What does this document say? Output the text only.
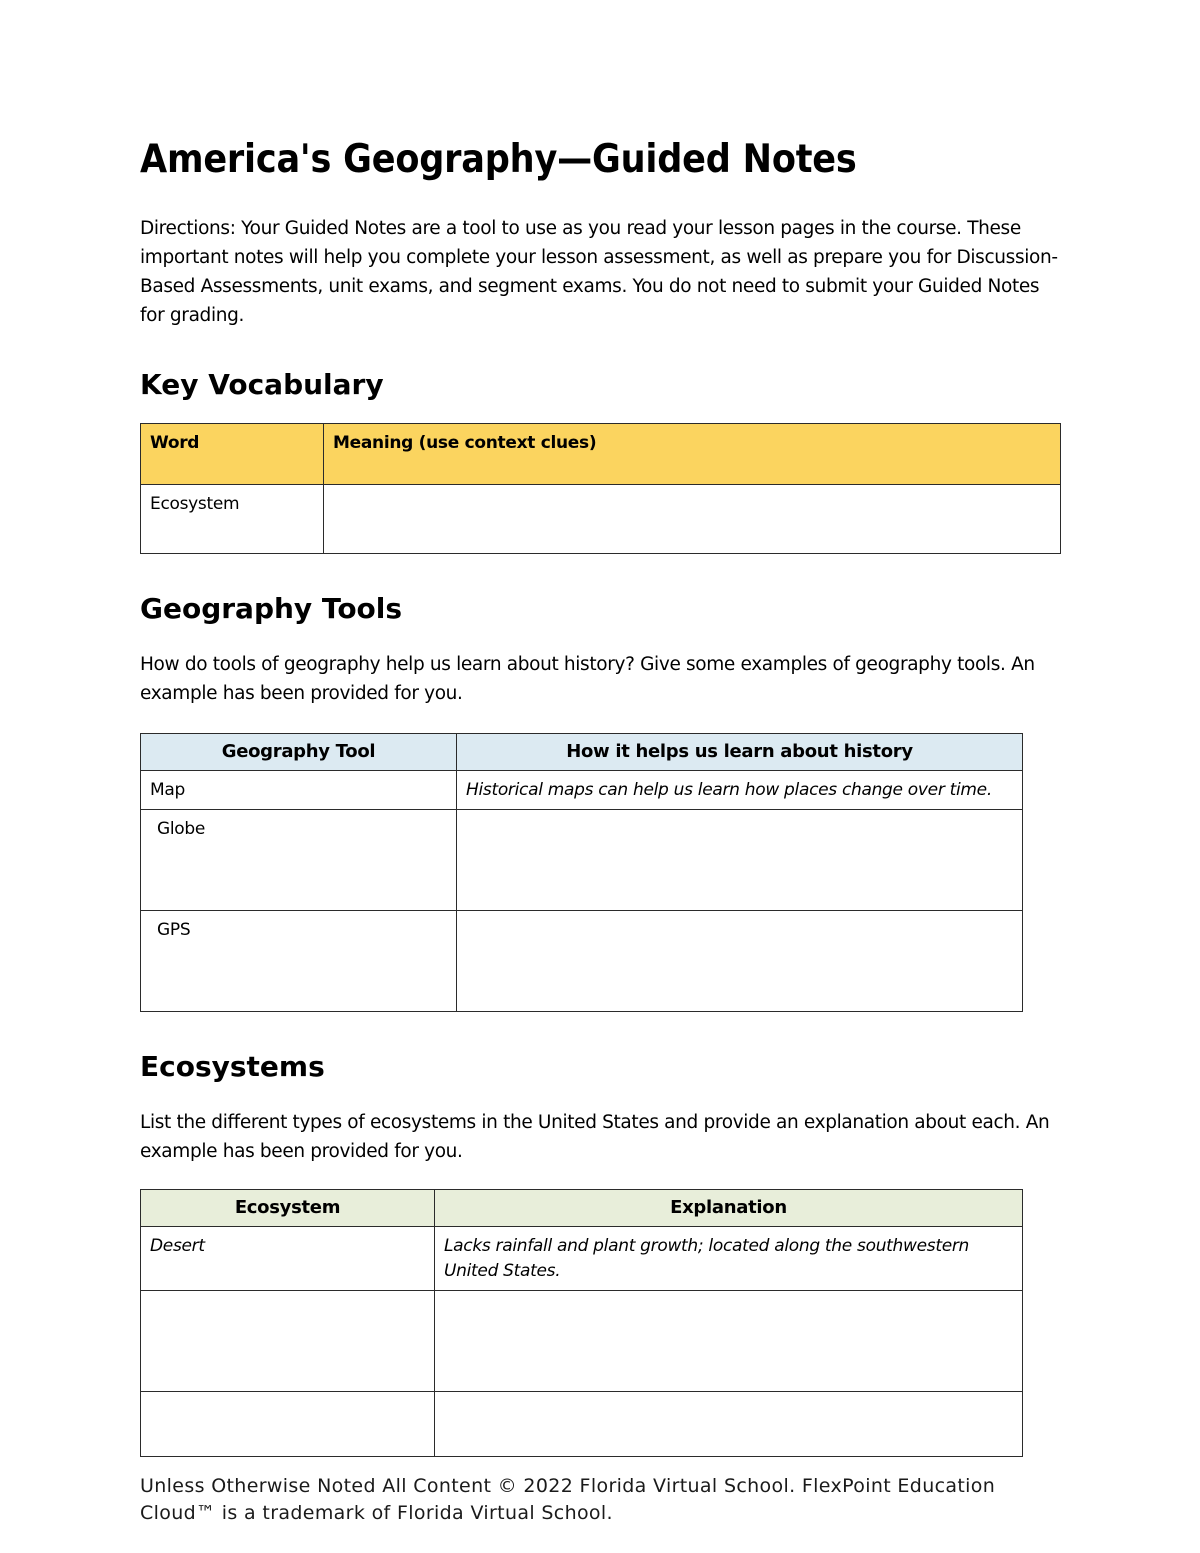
America's Geography—Guided Notes

Directions: Your Guided Notes are a tool to use as you read your lesson pages in the course. These important notes will help you complete your lesson assessment, as well as prepare you for Discussion-Based Assessments, unit exams, and segment exams. You do not need to submit your Guided Notes for grading.

Key Vocabulary
Word	Meaning (use context clues)
Ecosystem	
Geography Tools

How do tools of geography help us learn about history? Give some examples of geography tools. An example has been provided for you.

Geography Tool	How it helps us learn about history
Map	Historical maps can help us learn how places change over time.
Globe	
GPS	
Ecosystems

List the different types of ecosystems in the United States and provide an explanation about each. An example has been provided for you.

Ecosystem	Explanation
Desert	Lacks rainfall and plant growth; located along the southwestern United States.

Unless Otherwise Noted All Content © 2022 Florida Virtual School. FlexPoint Education Cloud™ is a trademark of Florida Virtual School.
